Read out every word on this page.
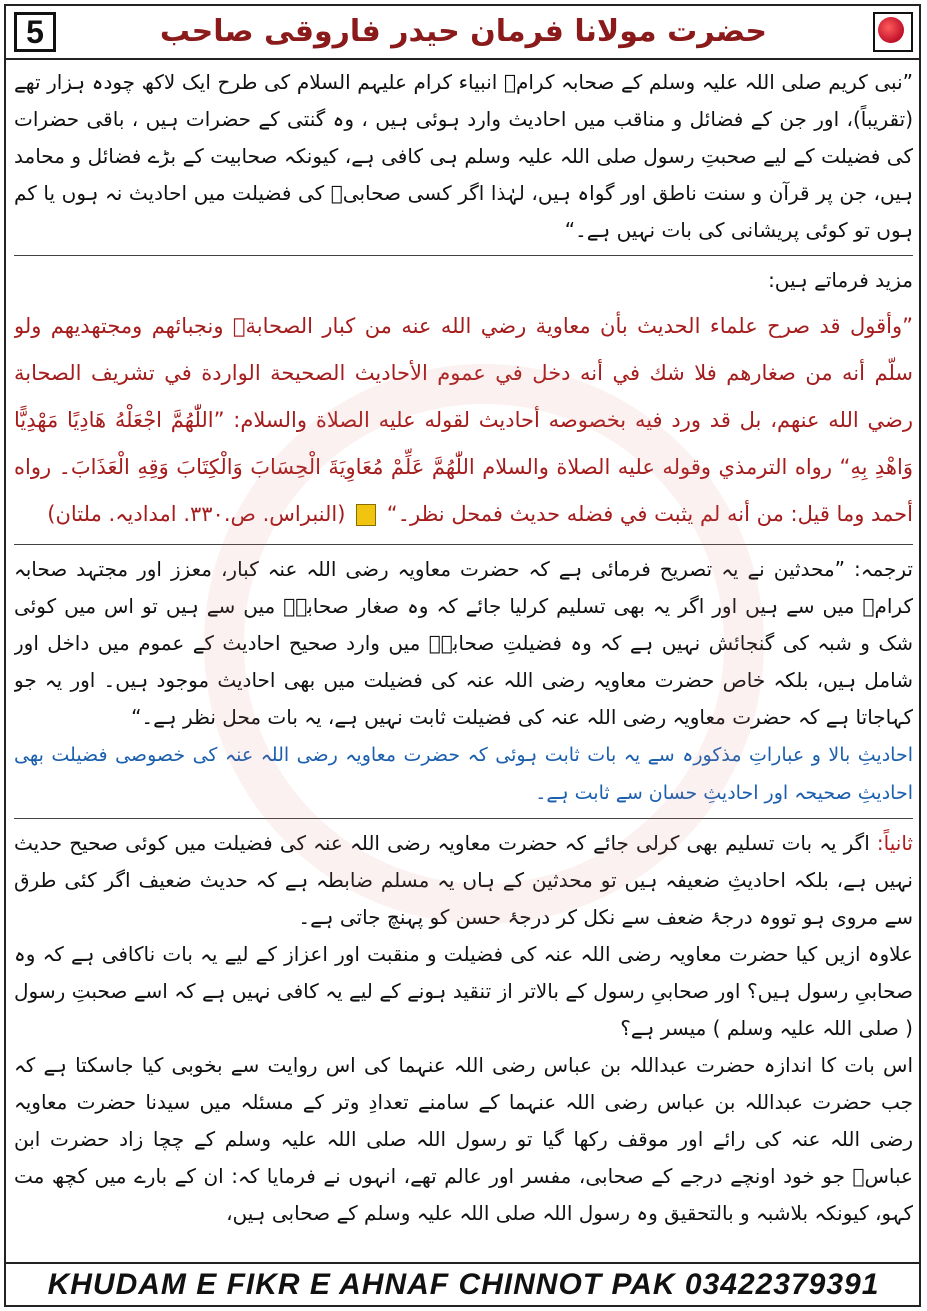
5	حضرت مولانا فرمان حیدر فاروقی صاحب

”نبی کریم صلی اللہ علیہ وسلم کے صحابہ کرامؓ انبیاء کرام علیہم السلام کی طرح ایک لاکھ چودہ ہزار تھے (تقریباً)، اور جن کے فضائل و مناقب میں احادیث وارد ہوئی ہیں ، وہ گنتی کے حضرات ہیں ، باقی حضرات کی فضیلت کے لیے صحبتِ رسول صلی اللہ علیہ وسلم ہی کافی ہے، کیونکہ صحابیت کے بڑے فضائل و محامد ہیں، جن پر قرآن و سنت ناطق اور گواہ ہیں، لہٰذا اگر کسی صحابیؓ کی فضیلت میں احادیث نہ ہوں یا کم ہوں تو کوئی پریشانی کی بات نہیں ہے۔“

مزید فرماتے ہیں:

”وأقول قد صرح علماء الحديث بأن معاوية رضي الله عنه من كبار الصحابةؓ ونجبائهم ومجتهديهم ولو سلّم أنه من صغارهم فلا شك في أنه دخل في عموم الأحاديث الصحيحة الواردة في تشريف الصحابة رضي الله عنهم، بل قد ورد فيه بخصوصه أحاديث لقوله عليه الصلاة والسلام: ”اللّٰهُمَّ اجْعَلْهُ هَادِيًا مَهْدِيًّا وَاهْدِ بِهِ“ رواه الترمذي وقوله عليه الصلاة والسلام اللّٰهُمَّ عَلِّمْ مُعَاوِيَةَ الْحِسَابَ وَالْكِتَابَ وَقِهِ الْعَذَابَ۔ رواه أحمد وما قيل: من أنه لم يثبت في فضله حديث فمحل نظر۔“  (النبراس. ص.٣٣٠. امدادیہ. ملتان)

ترجمہ: ”محدثین نے یہ تصریح فرمائی ہے کہ حضرت معاویہ رضی اللہ عنہ کبار، معزز اور مجتہد صحابہ کرامؓ میں سے ہیں اور اگر یہ بھی تسلیم کرلیا جائے کہ وہ صغار صحابہؓ میں سے ہیں تو اس میں کوئی شک و شبہ کی گنجائش نہیں ہے کہ وہ فضیلتِ صحابہؓ میں وارد صحیح احادیث کے عموم میں داخل اور شامل ہیں، بلکہ خاص حضرت معاویہ رضی اللہ عنہ کی فضیلت میں بھی احادیث موجود ہیں۔ اور یہ جو کہاجاتا ہے کہ حضرت معاویہ رضی اللہ عنہ کی فضیلت ثابت نہیں ہے، یہ بات محل نظر ہے۔“

احادیثِ بالا و عباراتِ مذکورہ سے یہ بات ثابت ہوئی کہ حضرت معاویہ رضی اللہ عنہ کی خصوصی فضیلت بھی احادیثِ صحیحہ اور احادیثِ حسان سے ثابت ہے۔

ثانیاً: اگر یہ بات تسلیم بھی کرلی جائے کہ حضرت معاویہ رضی اللہ عنہ کی فضیلت میں کوئی صحیح حدیث نہیں ہے، بلکہ احادیثِ ضعیفہ ہیں تو محدثین کے ہاں یہ مسلم ضابطہ ہے کہ حدیث ضعیف اگر کئی طرق سے مروی ہو تووہ درجۂ ضعف سے نکل کر درجۂ حسن کو پہنچ جاتی ہے۔

علاوہ ازیں کیا حضرت معاویہ رضی اللہ عنہ کی فضیلت و منقبت اور اعزاز کے لیے یہ بات ناکافی ہے کہ وہ صحابیِ رسول ہیں؟ اور صحابیِ رسول کے بالاتر از تنقید ہونے کے لیے یہ کافی نہیں ہے کہ اسے صحبتِ رسول ( صلی اللہ علیہ وسلم ) میسر ہے؟

اس بات کا اندازہ حضرت عبداللہ بن عباس رضی اللہ عنہما کی اس روایت سے بخوبی کیا جاسکتا ہے کہ جب حضرت عبداللہ بن عباس رضی اللہ عنہما کے سامنے تعدادِ وتر کے مسئلہ میں سیدنا حضرت معاویہ رضی اللہ عنہ کی رائے اور موقف رکھا گیا تو رسول اللہ صلی اللہ علیہ وسلم کے چچا زاد حضرت ابن عباسؓ جو خود اونچے درجے کے صحابی، مفسر اور عالم تھے، انہوں نے فرمایا کہ: ان کے بارے میں کچھ مت کہو، کیونکہ بلاشبہ و بالتحقیق وہ رسول اللہ صلی اللہ علیہ وسلم کے صحابی ہیں،

KHUDAM E FIKR E AHNAF CHINNOT PAK 03422379391
